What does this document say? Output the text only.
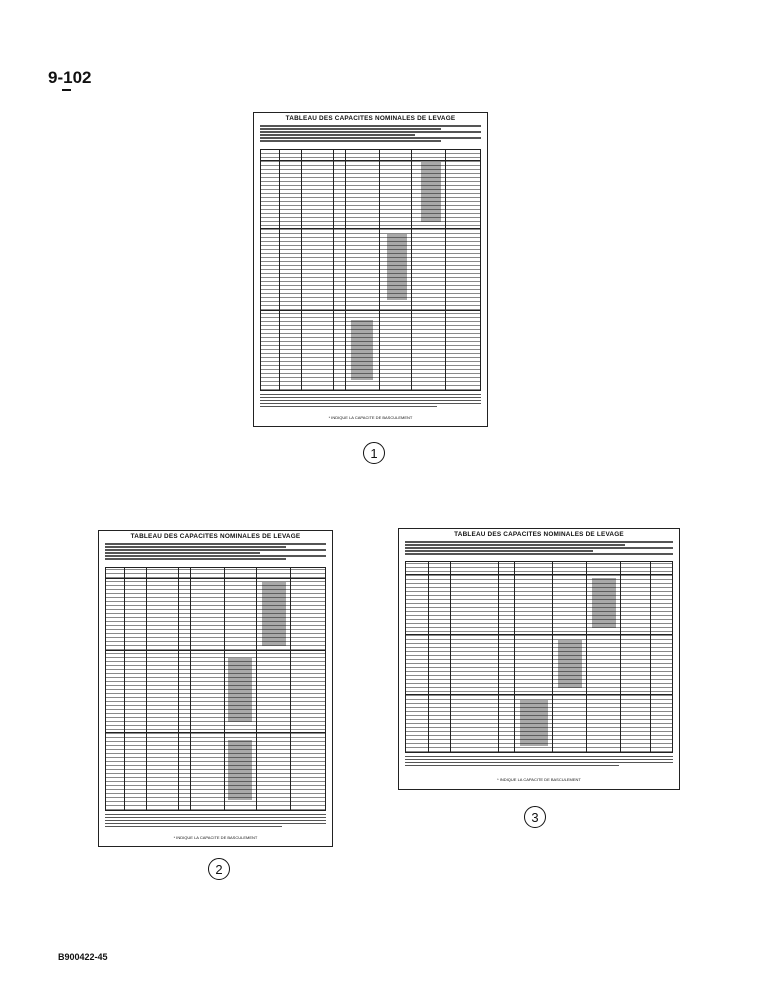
9-102
TABLEAU DES CAPACITES NOMINALES DE LEVAGE
* INDIQUE LA CAPACITE DE BASCULEMENT
1
TABLEAU DES CAPACITES NOMINALES DE LEVAGE
* INDIQUE LA CAPACITE DE BASCULEMENT
2
TABLEAU DES CAPACITES NOMINALES DE LEVAGE
* INDIQUE LA CAPACITE DE BASCULEMENT
3
B900422-45
